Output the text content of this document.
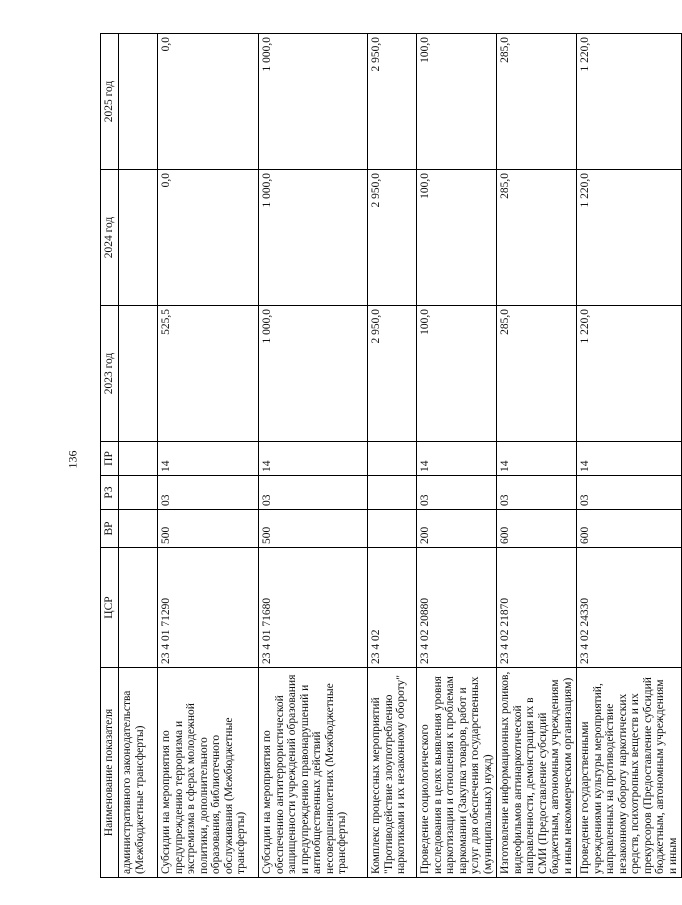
136
Наименование показателя	ЦСР	ВР	РЗ	ПР	2023 год	2024 год	2025 год
административного законодательства (Межбюджетные трансферты)							
Субсидии на мероприятия по предупреждению терроризма и экстремизма в сферах молодежной политики, дополнительного образования, библиотечного обслуживания (Межбюджетные трансферты)	23 4 01 71290	500	03	14	525,5	0,0	0,0
Субсидии на мероприятия по обеспечению антитеррористической защищенности учреждений образования и предупреждению правонарушений и антиобщественных действий несовершеннолетних (Межбюджетные трансферты)	23 4 01 71680	500	03	14	1 000,0	1 000,0	1 000,0
Комплекс процессных мероприятий "Противодействие злоупотреблению наркотиками и их незаконному обороту"	23 4 02				2 950,0	2 950,0	2 950,0
Проведение социологического исследования в целях выявления уровня наркотизации и отношения к проблемам наркомании (Закупка товаров, работ и услуг для обеспечения государственных (муниципальных) нужд)	23 4 02 20880	200	03	14	100,0	100,0	100,0
Изготовление информационных роликов, видеофильмов антинаркотической направленности, демонстрация их в СМИ (Предоставление субсидий бюджетным, автономным учреждениям и иным некоммерческим организациям)	23 4 02 21870	600	03	14	285,0	285,0	285,0
Проведение государственными учреждениями культуры мероприятий, направленных на противодействие незаконному обороту наркотических средств, психотропных веществ и их прекурсоров (Предоставление субсидий бюджетным, автономным учреждениям и иным	23 4 02 24330	600	03	14	1 220,0	1 220,0	1 220,0
